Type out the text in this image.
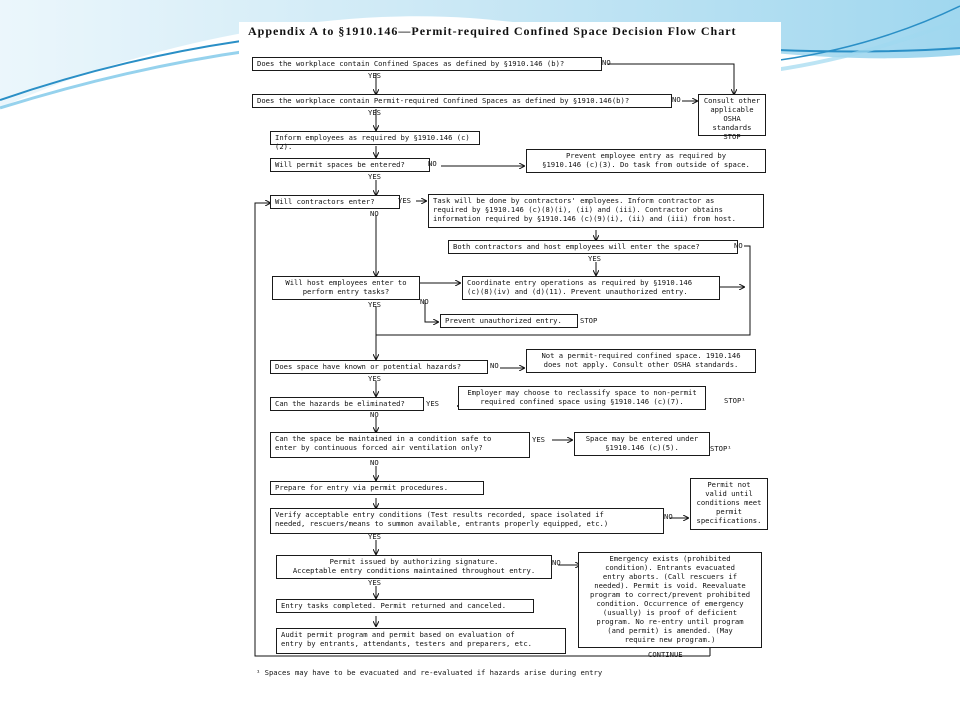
Appendix A to §1910.146—Permit-required Confined Space Decision Flow Chart
Does the workplace contain Confined Spaces as defined by §1910.146 (b)?	NO
YES
Does the workplace contain Permit-required Confined Spaces as defined by §1910.146(b)?	NO
YES
Consult other
applicable
OSHA standards
STOP
Inform employees as required by §1910.146 (c)(2).
Will permit spaces be entered?	NO
YES
Prevent employee entry as required by
§1910.146 (c)(3). Do task from outside of space.
Will contractors enter?	YES
NO
Task will be done by contractors' employees. Inform contractor as
required by §1910.146 (c)(8)(i), (ii) and (iii). Contractor obtains
information required by §1910.146 (c)(9)(i), (ii) and (iii) from host.
Both contractors and host employees will enter the space?	NO
YES
Coordinate entry operations as required by §1910.146
(c)(8)(iv) and (d)(11). Prevent unauthorized entry.
Will host employees enter to
perform entry tasks?
NO
YES
Prevent unauthorized entry.	STOP
Does space have known or potential hazards?	NO
YES
Not a permit-required confined space. 1910.146
does not apply. Consult other OSHA standards.
Can the hazards be eliminated?	YES
NO
Employer may choose to reclassify space to non-permit
required confined space using §1910.146 (c)(7).	STOP¹
Can the space be maintained in a condition safe to
enter by continuous forced air ventilation only?
YES
NO
Space may be entered under
§1910.146 (c)(5).	STOP¹
Prepare for entry via permit procedures.
Verify acceptable entry conditions (Test results recorded, space isolated if
needed, rescuers/means to summon available, entrants properly equipped, etc.)
NO
YES
Permit not
valid until
conditions meet
permit
specifications.
Permit issued by authorizing signature.
Acceptable entry conditions maintained throughout entry.
NO
YES
Emergency exists (prohibited
condition). Entrants evacuated
entry aborts. (Call rescuers if
needed). Permit is void. Reevaluate
program to correct/prevent prohibited
condition. Occurrence of emergency
(usually) is proof of deficient
program. No re-entry until program
(and permit) is amended. (May
require new program.)
CONTINUE
Entry tasks completed. Permit returned and canceled.
Audit permit program and permit based on evaluation of
entry by entrants, attendants, testers and preparers, etc.
¹ Spaces may have to be evacuated and re-evaluated if hazards arise during entry
